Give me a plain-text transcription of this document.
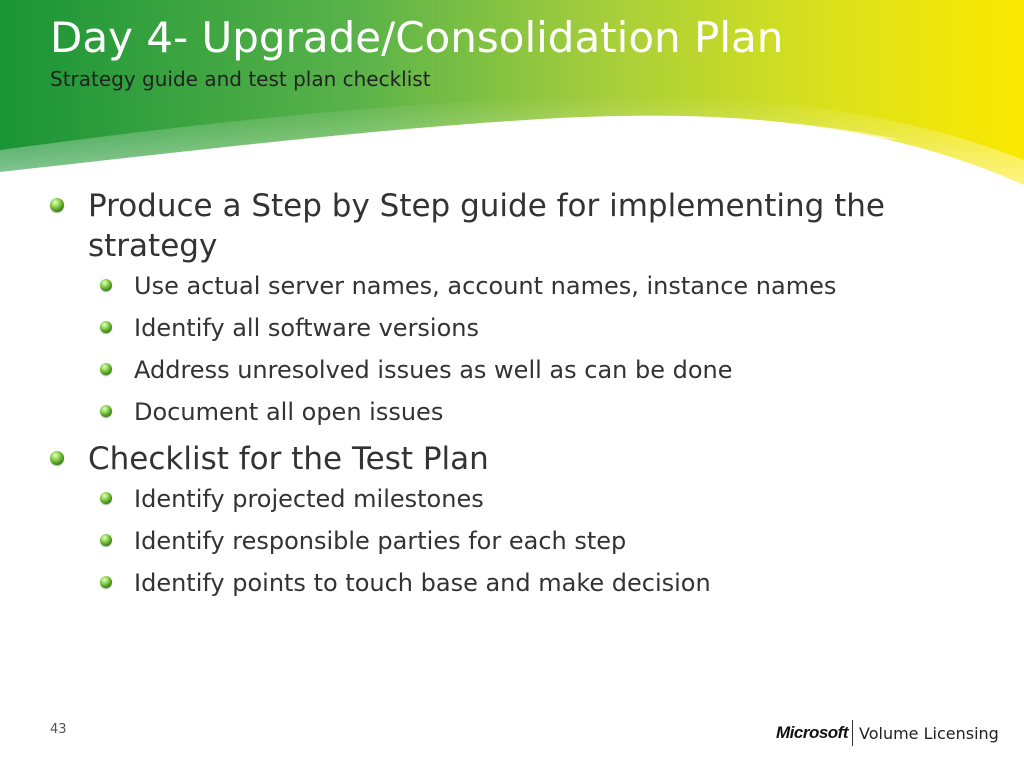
Day 4- Upgrade/Consolidation Plan
Strategy guide and test plan checklist
Produce a Step by Step guide for implementing the strategy
Use actual server names, account names, instance names
Identify all software versions
Address unresolved issues as well as can be done
Document all open issues
Checklist for the Test Plan
Identify projected milestones
Identify responsible parties for each step
Identify points to touch base and make decision
43	Microsoft Volume Licensing
